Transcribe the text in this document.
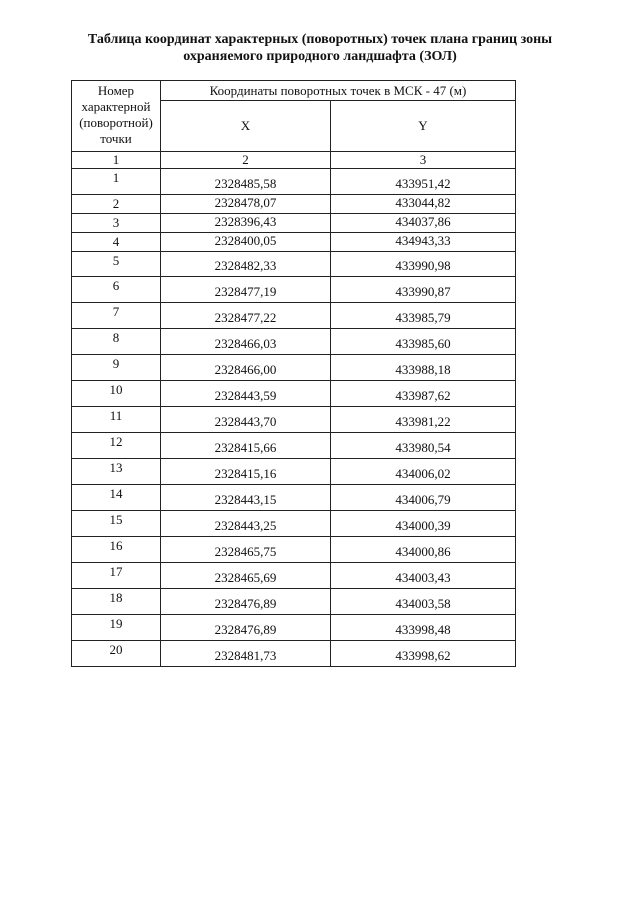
Таблица координат характерных (поворотных) точек плана границ зоны
охраняемого природного ландшафта (ЗОЛ)
Номер
характерной
(поворотной)
точки	Координаты поворотных точек в МСК - 47 (м)	
	X	Y
1	2	3
1	2328485,58	433951,42
2	2328478,07	433044,82
3	2328396,43	434037,86
4	2328400,05	434943,33
5	2328482,33	433990,98
6	2328477,19	433990,87
7	2328477,22	433985,79
8	2328466,03	433985,60
9	2328466,00	433988,18
10	2328443,59	433987,62
11	2328443,70	433981,22
12	2328415,66	433980,54
13	2328415,16	434006,02
14	2328443,15	434006,79
15	2328443,25	434000,39
16	2328465,75	434000,86
17	2328465,69	434003,43
18	2328476,89	434003,58
19	2328476,89	433998,48
20	2328481,73	433998,62
